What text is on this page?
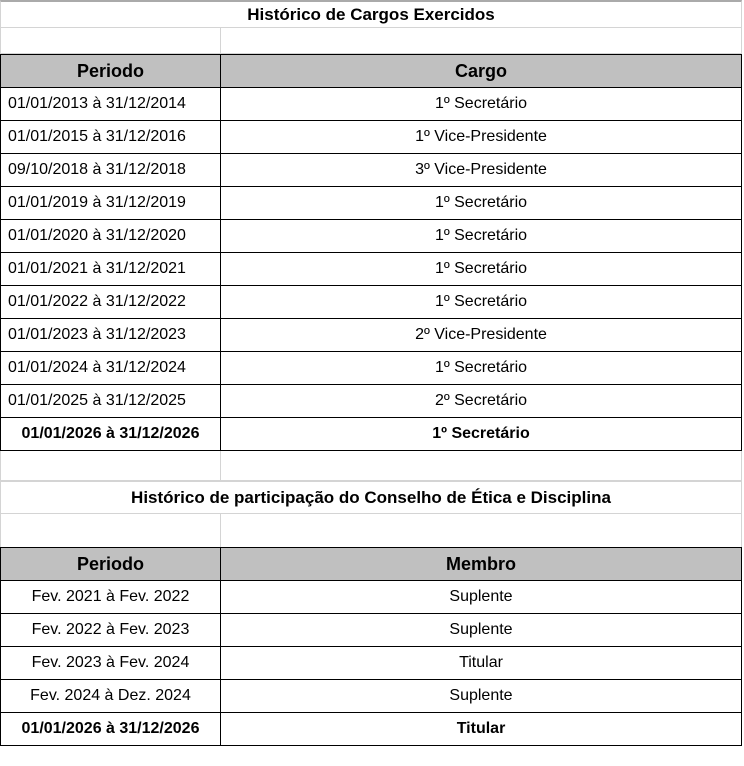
Histórico de Cargos Exercidos
Periodo	Cargo
01/01/2013 à 31/12/2014	1º Secretário
01/01/2015 à 31/12/2016	1º Vice-Presidente
09/10/2018 à 31/12/2018	3º Vice-Presidente
01/01/2019 à 31/12/2019	1º Secretário
01/01/2020 à 31/12/2020	1º Secretário
01/01/2021 à 31/12/2021	1º Secretário
01/01/2022 à 31/12/2022	1º Secretário
01/01/2023 à 31/12/2023	2º Vice-Presidente
01/01/2024 à 31/12/2024	1º Secretário
01/01/2025 à 31/12/2025	2º Secretário
01/01/2026 à 31/12/2026	1º Secretário
Histórico de participação do Conselho de Ética e Disciplina
Periodo	Membro
Fev. 2021 à Fev. 2022	Suplente
Fev. 2022 à Fev. 2023	Suplente
Fev. 2023 à Fev. 2024	Titular
Fev. 2024 à Dez. 2024	Suplente
01/01/2026 à 31/12/2026	Titular
